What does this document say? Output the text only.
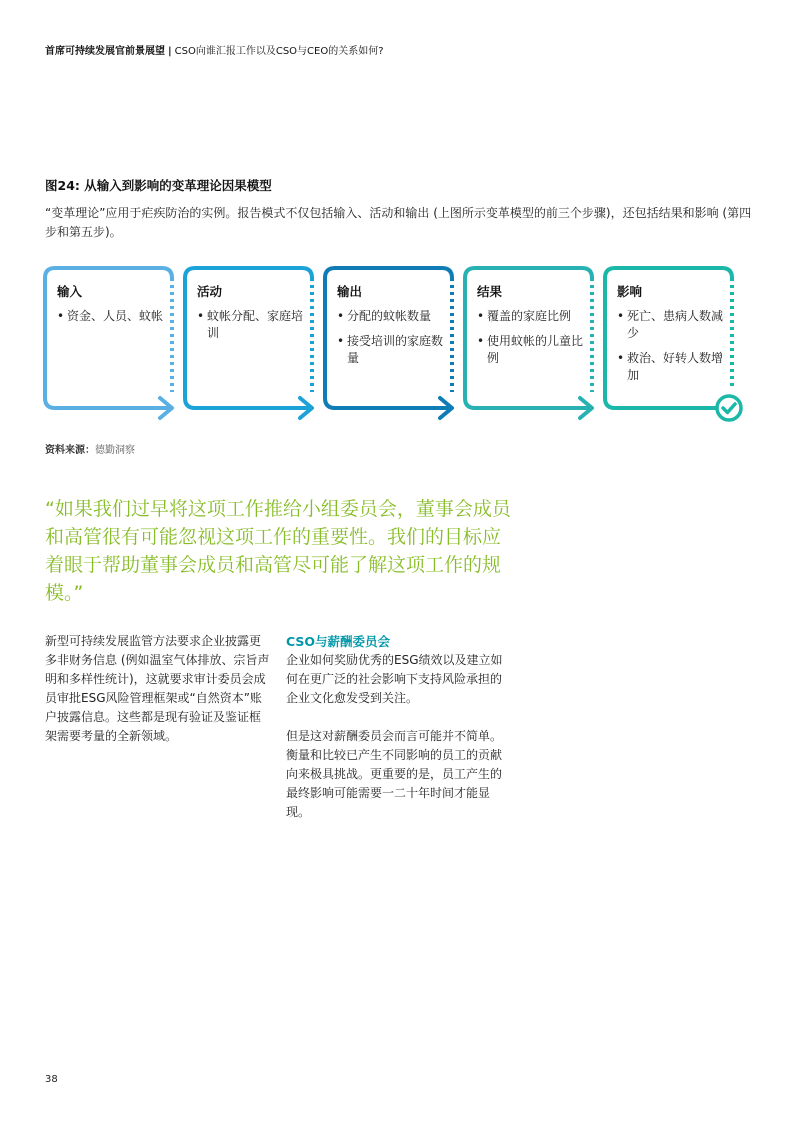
首席可持续发展官前景展望 | CSO向谁汇报工作以及CSO与CEO的关系如何?
图24: 从输入到影响的变革理论因果模型
“变革理论”应用于疟疾防治的实例。报告模式不仅包括输入、活动和输出 (上图所示变革模型的前三个步骤)，还包括结果和影响 (第四步和第五步)。
输入
• 资金、人员、蚊帐
活动
• 蚊帐分配、家庭培训
输出
• 分配的蚊帐数量
• 接受培训的家庭数量
结果
• 覆盖的家庭比例
• 使用蚊帐的儿童比例
影响
• 死亡、患病人数减少
• 救治、好转人数增加
资料来源：德勤洞察
“如果我们过早将这项工作推给小组委员会，董事会成员和高管很有可能忽视这项工作的重要性。我们的目标应着眼于帮助董事会成员和高管尽可能了解这项工作的规模。”
新型可持续发展监管方法要求企业披露更多非财务信息 (例如温室气体排放、宗旨声明和多样性统计)，这就要求审计委员会成员审批ESG风险管理框架或“自然资本”账户披露信息。这些都是现有验证及鉴证框架需要考量的全新领域。
CSO与薪酬委员会

企业如何奖励优秀的ESG绩效以及建立如何在更广泛的社会影响下支持风险承担的企业文化愈发受到关注。

但是这对薪酬委员会而言可能并不简单。衡量和比较已产生不同影响的员工的贡献向来极具挑战。更重要的是，员工产生的最终影响可能需要一二十年时间才能显现。

38
